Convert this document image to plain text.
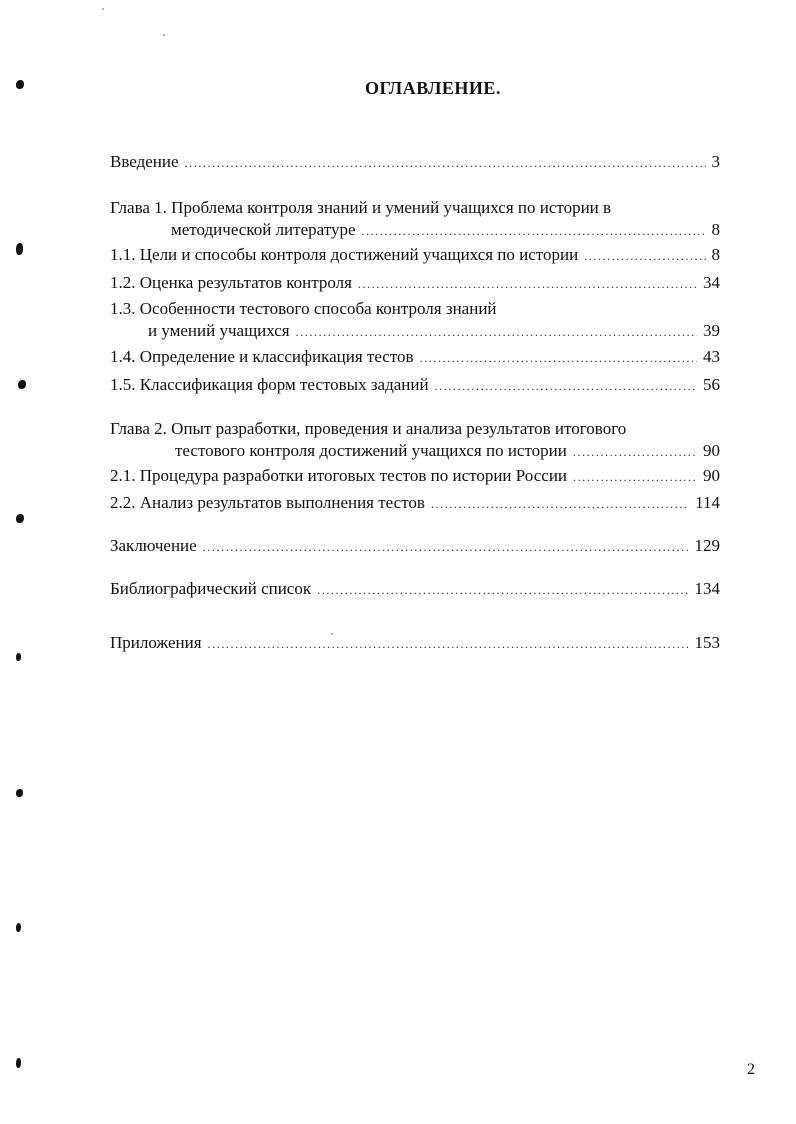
ОГЛАВЛЕНИЕ.
Введение .....	3
Глава 1. Проблема контроля знаний и умений учащихся по истории в
методической литературе .....	8
1.1. Цели и способы контроля достижений учащихся по истории .....	8
1.2. Оценка результатов контроля .....	34
1.3. Особенности тестового способа контроля знаний
и умений учащихся .....	39
1.4. Определение и классификация тестов .....	43
1.5. Классификация форм тестовых заданий .....	56
Глава 2. Опыт разработки, проведения и анализа результатов итогового
тестового контроля достижений учащихся по истории .....	90
2.1. Процедура разработки итоговых тестов по истории России .....	90
2.2. Анализ результатов выполнения тестов .....	114
Заключение .....	129
Библиографический список .....	134
Приложения .....	153
2
